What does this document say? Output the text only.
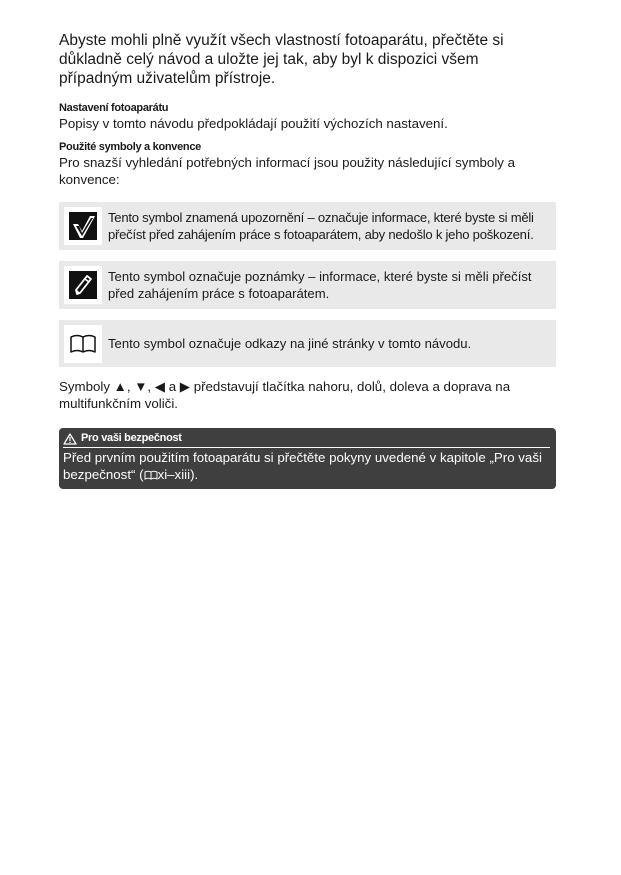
Abyste mohli plně využít všech vlastností fotoaparátu, přečtěte si důkladně celý návod a uložte jej tak, aby byl k dispozici všem případným uživatelům přístroje.

Nastavení fotoaparátu

Popisy v tomto návodu předpokládají použití výchozích nastavení.

Použité symboly a konvence

Pro snazší vyhledání potřebných informací jsou použity následující symboly a konvence:

Tento symbol znamená upozornění – označuje informace, které byste si měli přečíst před zahájením práce s fotoaparátem, aby nedošlo k jeho poškození.
Tento symbol označuje poznámky – informace, které byste si měli přečíst před zahájením práce s fotoaparátem.
Tento symbol označuje odkazy na jiné stránky v tomto návodu.

Symboly ▲, ▼, ◀ a ▶ představují tlačítka nahoru, dolů, doleva a doprava na multifunkčním voliči.

Pro vaši bezpečnost
Před prvním použitím fotoaparátu si přečtěte pokyny uvedené v kapitole „Pro vaši bezpečnost“ ( xi–xiii).
